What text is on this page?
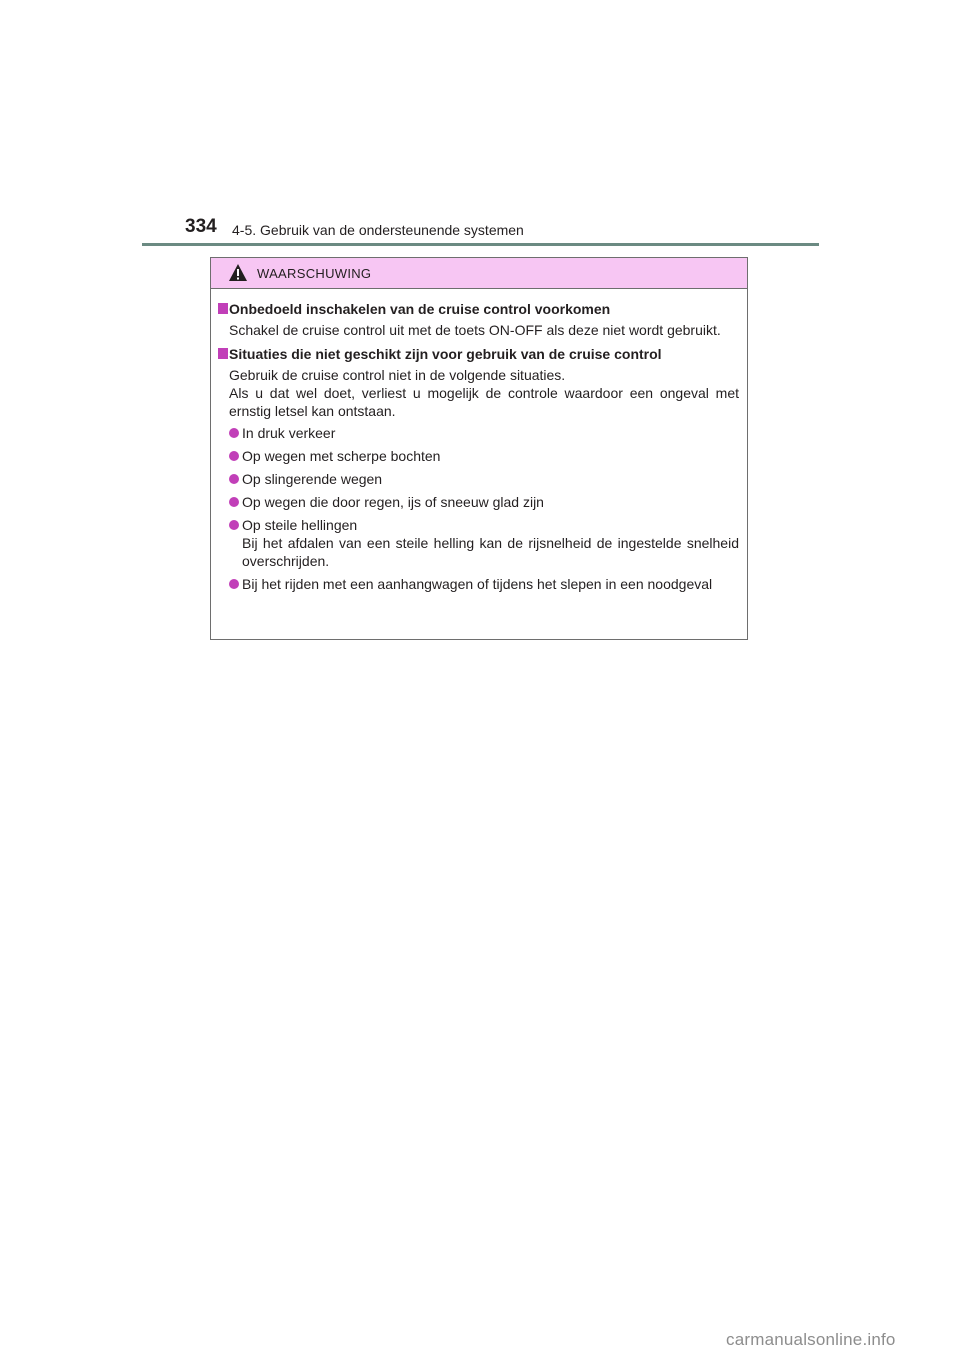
334 4-5. Gebruik van de ondersteunende systemen
WAARSCHUWING
Onbedoeld inschakelen van de cruise control voorkomen
Schakel de cruise control uit met de toets ON-OFF als deze niet wordt gebruikt.
Situaties die niet geschikt zijn voor gebruik van de cruise control
Gebruik de cruise control niet in de volgende situaties.
Als u dat wel doet, verliest u mogelijk de controle waardoor een ongeval met ernstig letsel kan ontstaan.
In druk verkeer
Op wegen met scherpe bochten
Op slingerende wegen
Op wegen die door regen, ijs of sneeuw glad zijn
Op steile hellingen
Bij het afdalen van een steile helling kan de rijsnelheid de ingestelde snelheid overschrijden.
Bij het rijden met een aanhangwagen of tijdens het slepen in een noodgeval
carmanualsonline.info
